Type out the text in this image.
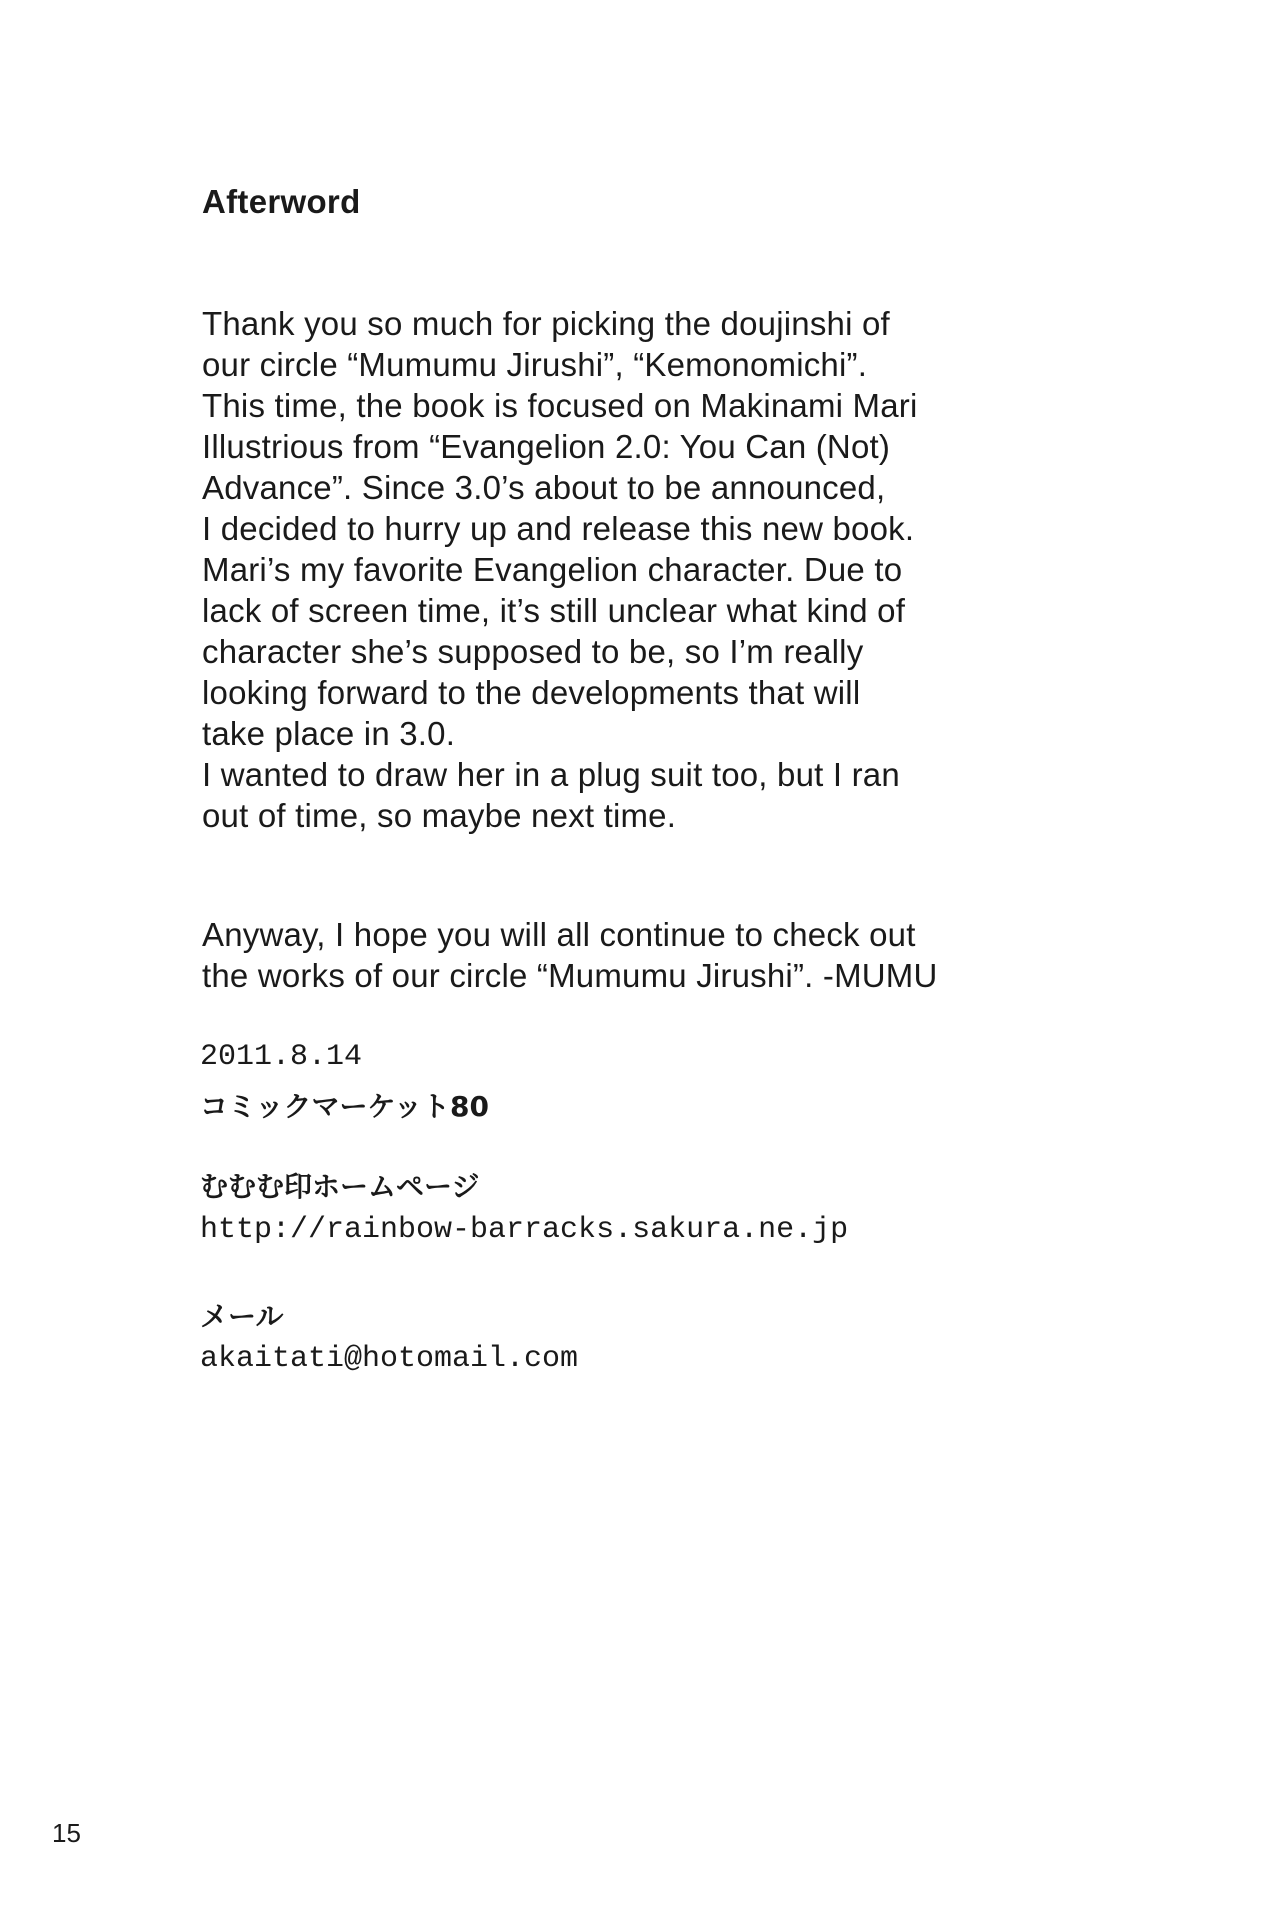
Afterword
Thank you so much for picking the doujinshi of
our circle “Mumumu Jirushi”, “Kemonomichi”.
This time, the book is focused on Makinami Mari
Illustrious from “Evangelion 2.0: You Can (Not)
Advance”. Since 3.0’s about to be announced,
I decided to hurry up and release this new book.
Mari’s my favorite Evangelion character. Due to
lack of screen time, it’s still unclear what kind of
character she’s supposed to be, so I’m really
looking forward to the developments that will
take place in 3.0.
I wanted to draw her in a plug suit too, but I ran
out of time, so maybe next time.
Anyway, I hope you will all continue to check out
the works of our circle “Mumumu Jirushi”. -MUMU
2011.8.14
コミックマーケット80
むむむ印ホームページ
http://rainbow-barracks.sakura.ne.jp
メール
akaitati@hotomail.com
15
